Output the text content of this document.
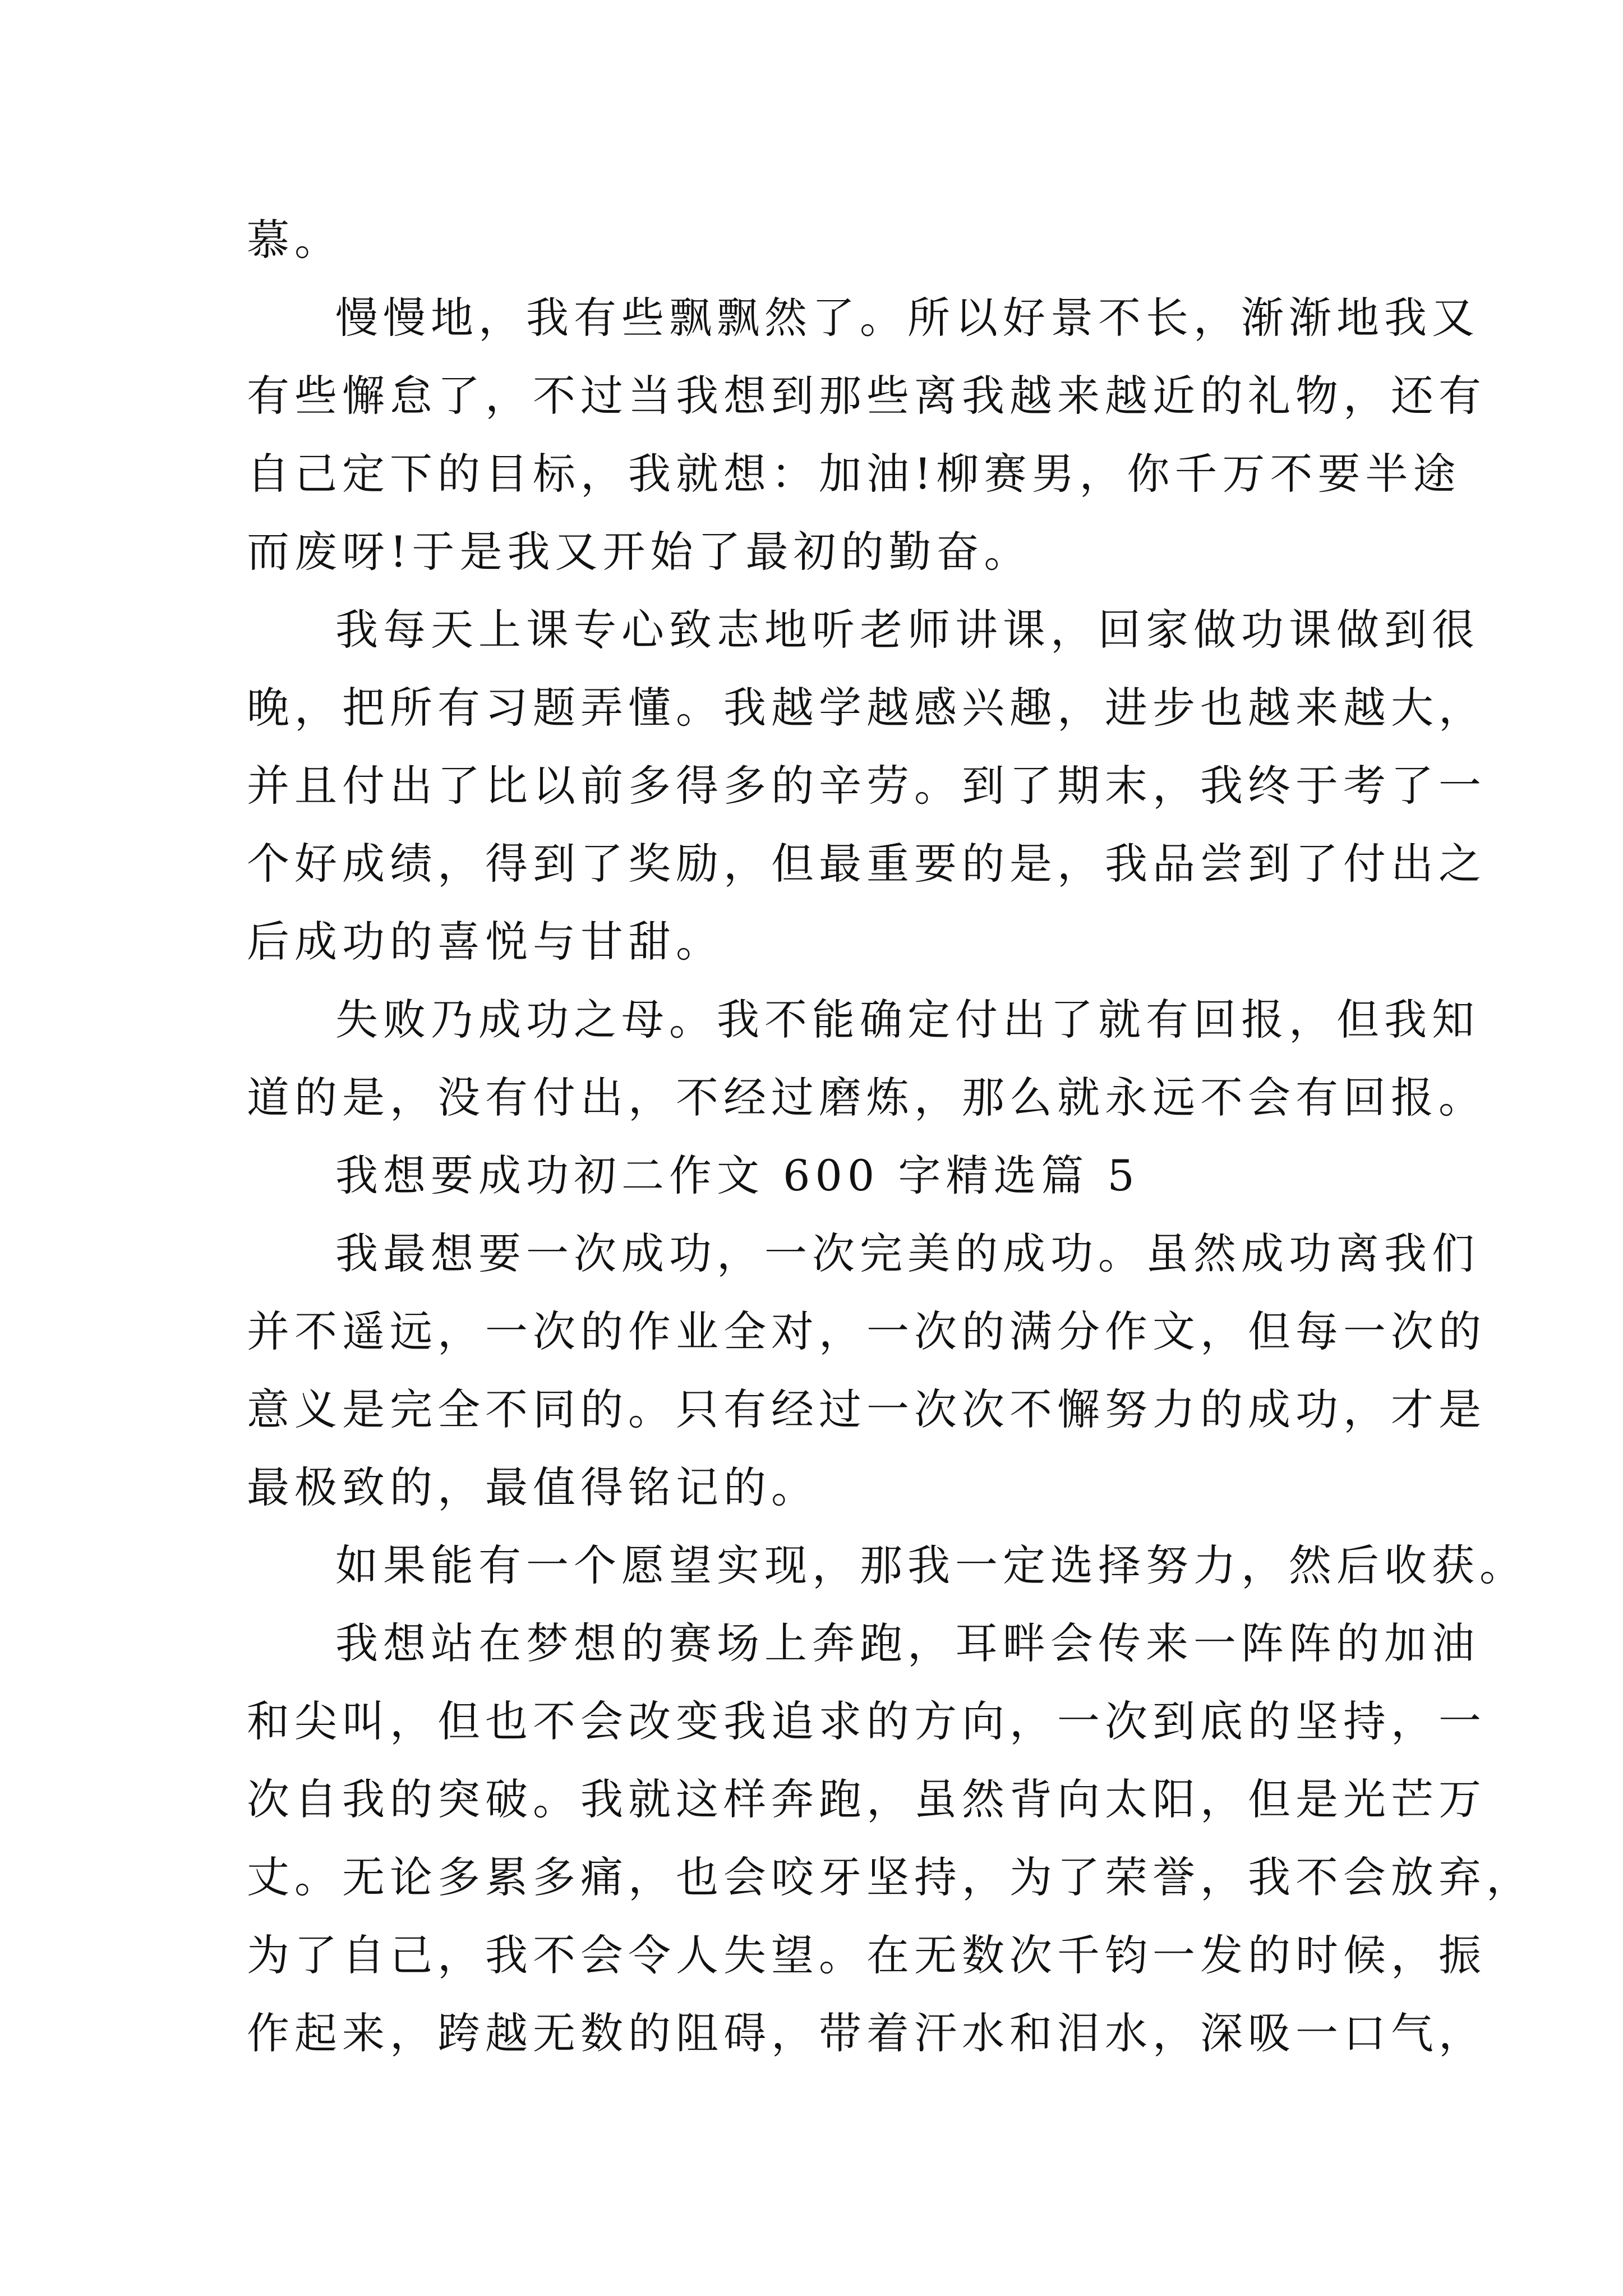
慕。
慢慢地，我有些飘飘然了。所以好景不长，渐渐地我又
有些懈怠了，不过当我想到那些离我越来越近的礼物，还有
自己定下的目标，我就想：加油!柳赛男，你千万不要半途
而废呀!于是我又开始了最初的勤奋。
我每天上课专心致志地听老师讲课，回家做功课做到很
晚，把所有习题弄懂。我越学越感兴趣，进步也越来越大，
并且付出了比以前多得多的辛劳。到了期末，我终于考了一
个好成绩，得到了奖励，但最重要的是，我品尝到了付出之
后成功的喜悦与甘甜。
失败乃成功之母。我不能确定付出了就有回报，但我知
道的是，没有付出，不经过磨炼，那么就永远不会有回报。
我想要成功初二作文 600 字精选篇 5
我最想要一次成功，一次完美的成功。虽然成功离我们
并不遥远，一次的作业全对，一次的满分作文，但每一次的
意义是完全不同的。只有经过一次次不懈努力的成功，才是
最极致的，最值得铭记的。
如果能有一个愿望实现，那我一定选择努力，然后收获。
我想站在梦想的赛场上奔跑，耳畔会传来一阵阵的加油
和尖叫，但也不会改变我追求的方向，一次到底的坚持，一
次自我的突破。我就这样奔跑，虽然背向太阳，但是光芒万
丈。无论多累多痛，也会咬牙坚持，为了荣誉，我不会放弃，
为了自己，我不会令人失望。在无数次千钧一发的时候，振
作起来，跨越无数的阻碍，带着汗水和泪水，深吸一口气，
